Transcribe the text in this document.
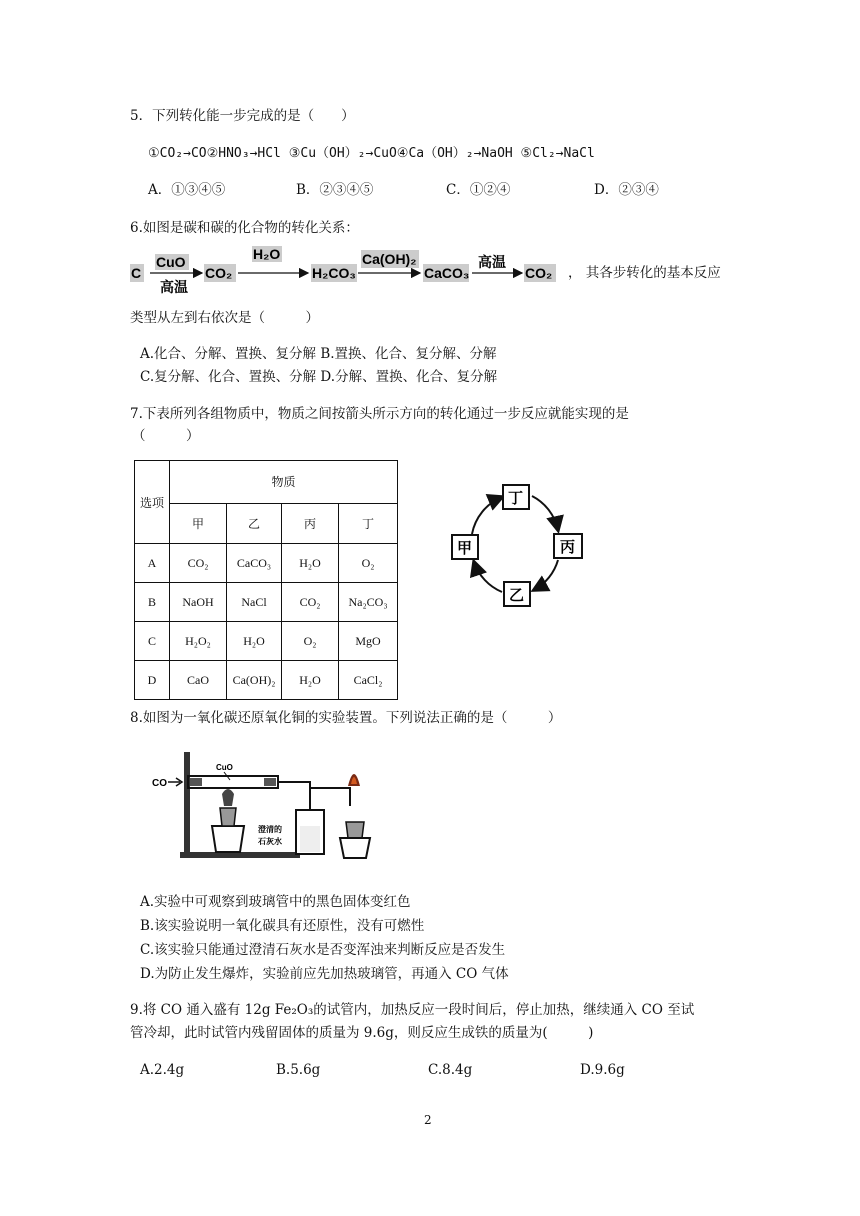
5．下列转化能一步完成的是（　　）
①CO₂→CO②HNO₃→HCl ③Cu（OH）₂→CuO④Ca（OH）₂→NaOH ⑤Cl₂→NaCl
A．①③④⑤	B．②③④⑤	C．①②④	D．②③④
6.如图是碳和碳的化合物的转化关系：
C
CuO
高温
CO₂
H₂O
H₂CO₃
Ca(OH)₂
CaCO₃
高温
CO₂ ， 其各步转化的基本反应
类型从左到右依次是（　　　）
A.化合、分解、置换、复分解 B.置换、化合、复分解、分解
C.复分解、化合、置换、分解 D.分解、置换、化合、复分解
7.下表所列各组物质中，物质之间按箭头所示方向的转化通过一步反应就能实现的是
（　　　）
选项	物质			
	甲	乙	丙	丁
A	CO₂	CaCO₃	H₂O	O₂
B	NaOH	NaCl	CO₂	Na₂CO₃
C	H₂O₂	H₂O	O₂	MgO
D	CaO	Ca(OH)₂	H₂O	CaCl₂
丁
甲	丙
乙
8.如图为一氧化碳还原氧化铜的实验装置。下列说法正确的是（　　　）
CO
CuO
澄清的
石灰水
A.实验中可观察到玻璃管中的黑色固体变红色
B.该实验说明一氧化碳具有还原性，没有可燃性
C.该实验只能通过澄清石灰水是否变浑浊来判断反应是否发生
D.为防止发生爆炸，实验前应先加热玻璃管，再通入 CO 气体
9.将 CO 通入盛有 12g Fe₂O₃的试管内，加热反应一段时间后，停止加热，继续通入 CO 至试
管冷却，此时试管内残留固体的质量为 9.6g，则反应生成铁的质量为(　　　)
A.2.4g	B.5.6g	C.8.4g	D.9.6g
2
